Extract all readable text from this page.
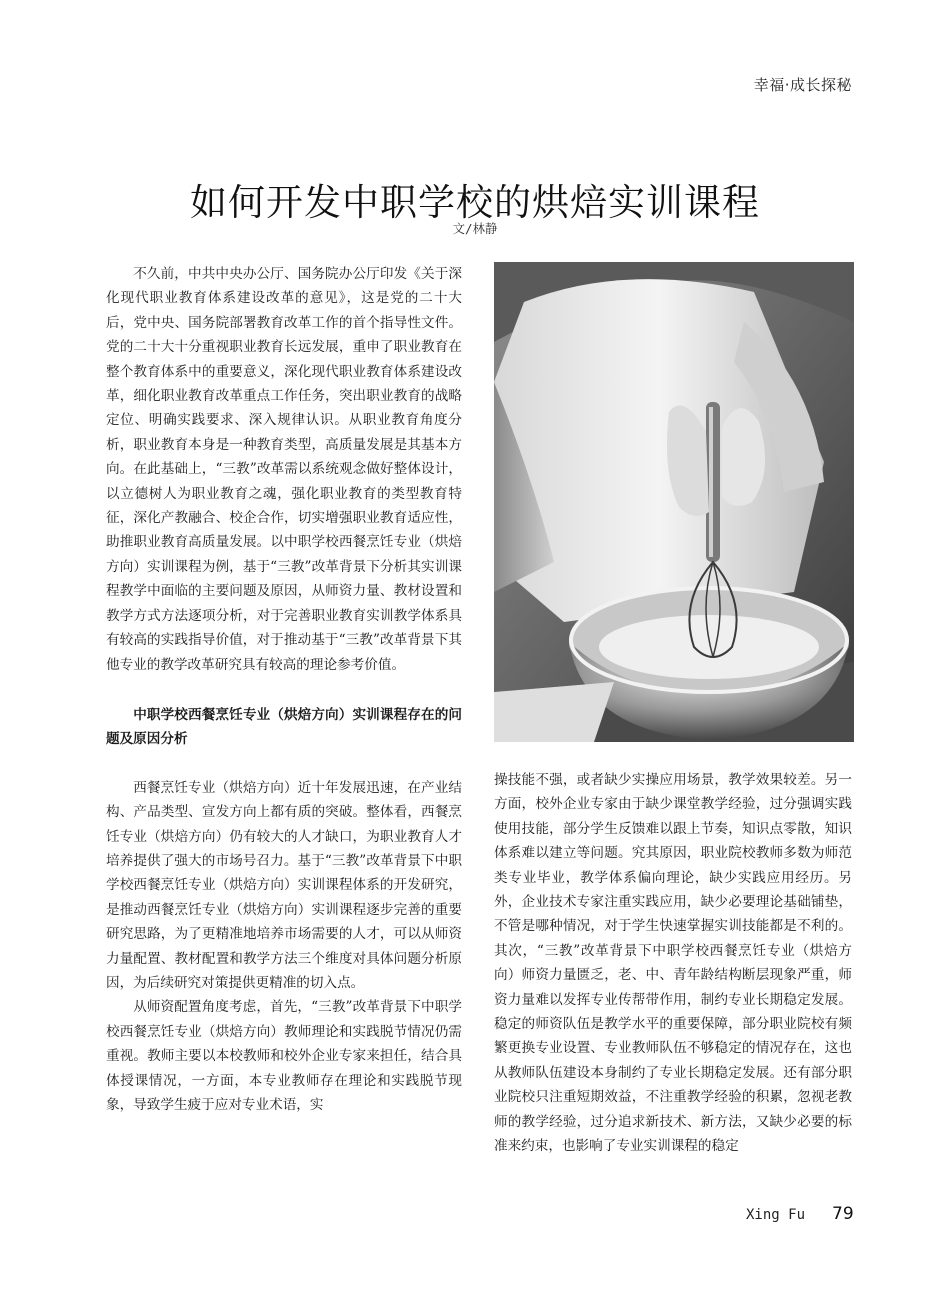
幸福·成长探秘
如何开发中职学校的烘焙实训课程
文/林静

不久前，中共中央办公厅、国务院办公厅印发《关于深化现代职业教育体系建设改革的意见》，这是党的二十大后，党中央、国务院部署教育改革工作的首个指导性文件。党的二十大十分重视职业教育长远发展，重申了职业教育在整个教育体系中的重要意义，深化现代职业教育体系建设改革，细化职业教育改革重点工作任务，突出职业教育的战略定位、明确实践要求、深入规律认识。从职业教育角度分析，职业教育本身是一种教育类型，高质量发展是其基本方向。在此基础上，“三教”改革需以系统观念做好整体设计，以立德树人为职业教育之魂，强化职业教育的类型教育特征，深化产教融合、校企合作，切实增强职业教育适应性，助推职业教育高质量发展。以中职学校西餐烹饪专业（烘焙方向）实训课程为例，基于“三教”改革背景下分析其实训课程教学中面临的主要问题及原因，从师资力量、教材设置和教学方式方法逐项分析，对于完善职业教育实训教学体系具有较高的实践指导价值，对于推动基于“三教”改革背景下其他专业的教学改革研究具有较高的理论参考价值。

中职学校西餐烹饪专业（烘焙方向）实训课程存在的问题及原因分析

西餐烹饪专业（烘焙方向）近十年发展迅速，在产业结构、产品类型、宣发方向上都有质的突破。整体看，西餐烹饪专业（烘焙方向）仍有较大的人才缺口，为职业教育人才培养提供了强大的市场号召力。基于“三教”改革背景下中职学校西餐烹饪专业（烘焙方向）实训课程体系的开发研究，是推动西餐烹饪专业（烘焙方向）实训课程逐步完善的重要研究思路，为了更精准地培养市场需要的人才，可以从师资力量配置、教材配置和教学方法三个维度对具体问题分析原因，为后续研究对策提供更精准的切入点。

从师资配置角度考虑，首先，“三教”改革背景下中职学校西餐烹饪专业（烘焙方向）教师理论和实践脱节情况仍需重视。教师主要以本校教师和校外企业专家来担任，结合具体授课情况，一方面，本专业教师存在理论和实践脱节现象，导致学生疲于应对专业术语，实

操技能不强，或者缺少实操应用场景，教学效果较差。另一方面，校外企业专家由于缺少课堂教学经验，过分强调实践使用技能，部分学生反馈难以跟上节奏，知识点零散，知识体系难以建立等问题。究其原因，职业院校教师多数为师范类专业毕业，教学体系偏向理论，缺少实践应用经历。另外，企业技术专家注重实践应用，缺少必要理论基础铺垫，不管是哪种情况，对于学生快速掌握实训技能都是不利的。其次，“三教”改革背景下中职学校西餐烹饪专业（烘焙方向）师资力量匮乏，老、中、青年龄结构断层现象严重，师资力量难以发挥专业传帮带作用，制约专业长期稳定发展。稳定的师资队伍是教学水平的重要保障，部分职业院校有频繁更换专业设置、专业教师队伍不够稳定的情况存在，这也从教师队伍建设本身制约了专业长期稳定发展。还有部分职业院校只注重短期效益，不注重教学经验的积累，忽视老教师的教学经验，过分追求新技术、新方法，又缺少必要的标准来约束，也影响了专业实训课程的稳定

Xing Fu 79
